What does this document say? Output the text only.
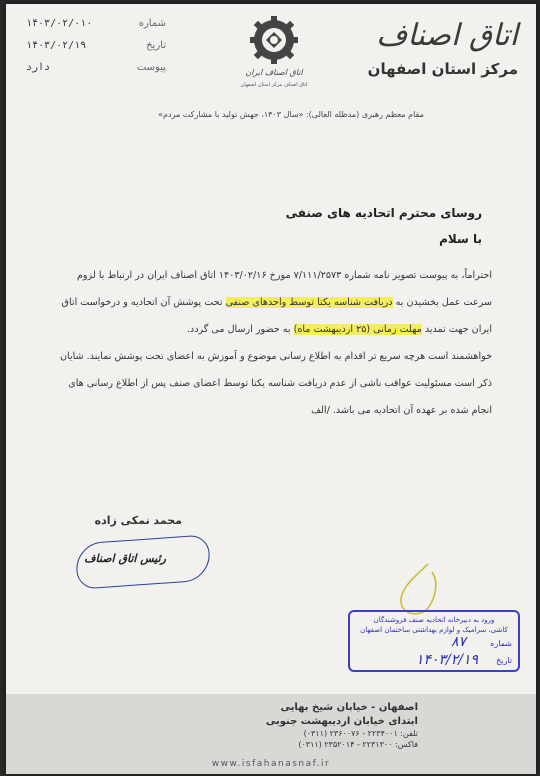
اتاق اصناف
مرکز استان اصفهان
اتاق اصناف ایران
اتاق اصناف مرکز استان اصفهان
شماره
۱۴۰۳/۰۲/۰۱۰
تاریخ
۱۴۰۳/۰۲/۱۹
پیوست
دارد
مقام معظم رهبری (مدظله العالی): «سال ۱۴۰۳، جهش تولید با مشارکت مردم»
روسای محترم اتحادیه های صنفی
با سلام
احتراماً، به پیوست تصویر نامه شماره ۷/۱۱۱/۲۵۷۳ مورخ ۱۴۰۳/۰۲/۱۶ اتاق اصناف ایران در ارتباط با لزوم سرعت عمل بخشیدن به دریافت شناسه یکتا توسط واحدهای صنفی تحت پوشش آن اتحادیه و درخواست اتاق ایران جهت تمدید مهلت زمانی (۲۵ اردیبهشت ماه) به حضور ارسال می گردد.
خواهشمند است هرچه سریع تر اقدام به اطلاع رسانی موضوع و آموزش به اعضای تحت پوشش نمایند. شایان ذکر است مسئولیت عواقب ناشی از عدم دریافت شناسه یکتا توسط اعضای صنف پس از اطلاع رسانی های انجام شده بر عهده آن اتحادیه می باشد. /الف
محمد نمکی زاده
رئیس اتاق اصناف
ورود به دبیرخانه اتحادیه صنف فروشندگان
کاشی، سرامیک و لوازم بهداشتی ساختمان اصفهان
شماره
۸۷
تاریخ
۱۴۰۳/۲/۱۹
اصفهان - خیابان شیخ بهایی
ابتدای خیابان اردیبهشت جنوبی
تلفن: ۲۲۳۴۰۰۱ - ۲۳۶۰۰۷۶ (۰۳۱۱)
فاکس: ۲۲۳۱۳۰۰ - ۲۳۵۲۰۱۴ (۰۳۱۱)
www.isfahanasnaf.ir
